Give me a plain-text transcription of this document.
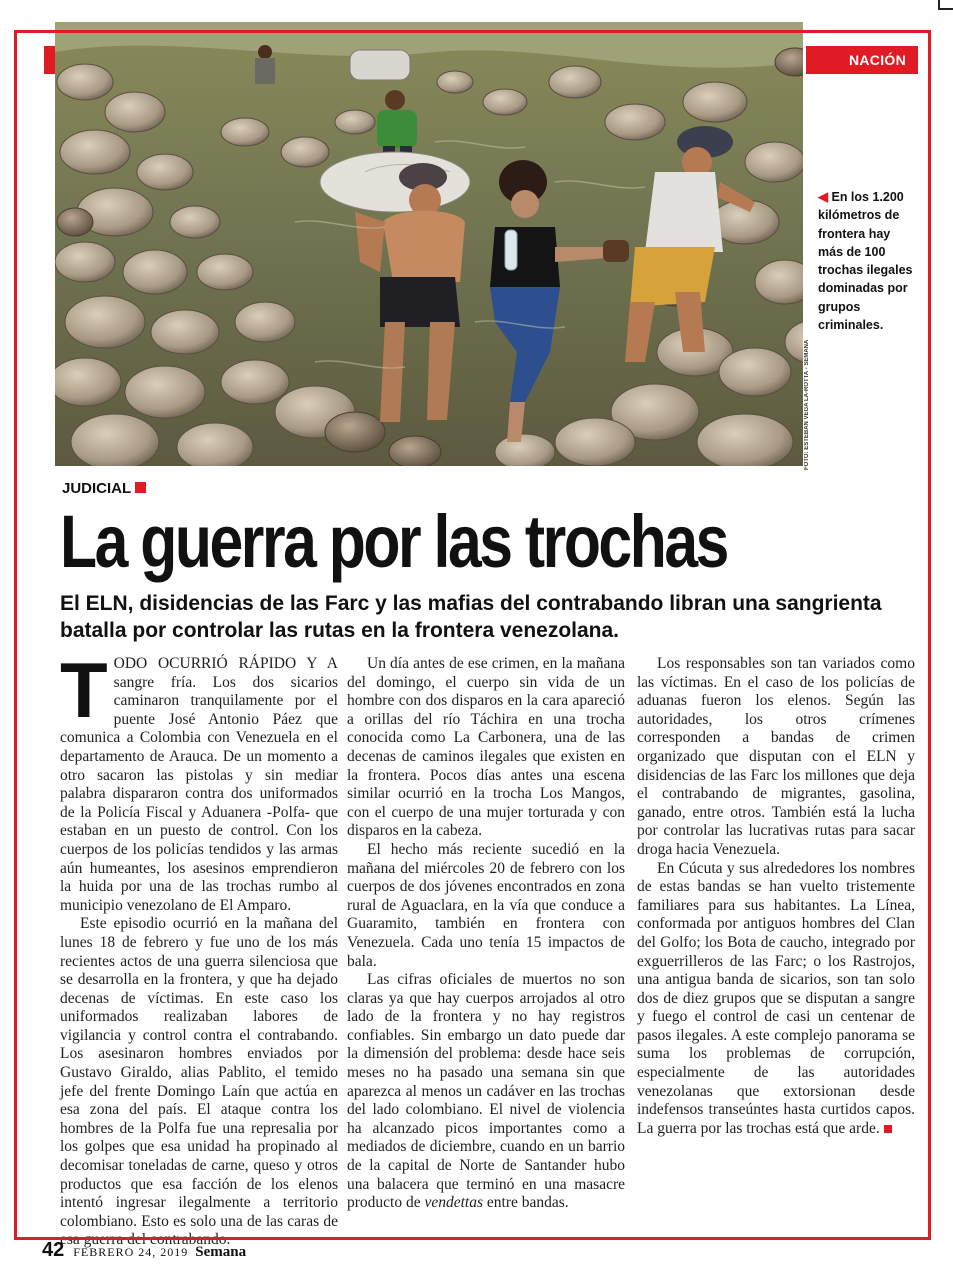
FOTO: ESTEBAN VEGA LA-ROTTA - SEMANA
NACIÓN
◀ En los 1.200 kilómetros de frontera hay más de 100 trochas ilegales dominadas por grupos criminales.
JUDICIAL
La guerra por las trochas
El ELN, disidencias de las Farc y las mafias del contrabando libran una sangrienta batalla por controlar las rutas en la frontera venezolana.

TODO OCURRIÓ RÁPIDO Y A sangre fría. Los dos sicarios caminaron tranquilamente por el puente José Antonio Páez que comunica a Colombia con Venezuela en el departamento de Arauca. De un momento a otro sacaron las pistolas y sin mediar palabra dispararon contra dos uniformados de la Policía Fiscal y Aduanera -Polfa- que estaban en un puesto de control. Con los cuerpos de los policías tendidos y las armas aún humeantes, los asesinos emprendieron la huida por una de las trochas rumbo al municipio venezolano de El Amparo.

Este episodio ocurrió en la mañana del lunes 18 de febrero y fue uno de los más recientes actos de una guerra silenciosa que se desarrolla en la frontera, y que ha dejado decenas de víctimas. En este caso los uniformados realizaban labores de vigilancia y control contra el contrabando. Los asesinaron hombres enviados por Gustavo Giraldo, alias Pablito, el temido jefe del frente Domingo Laín que actúa en esa zona del país. El ataque contra los hombres de la Polfa fue una represalia por los golpes que esa unidad ha propinado al decomisar toneladas de carne, queso y otros productos que esa facción de los elenos intentó ingresar ilegalmente a territorio colombiano. Esto es solo una de las caras de esa guerra del contrabando.

Un día antes de ese crimen, en la mañana del domingo, el cuerpo sin vida de un hombre con dos disparos en la cara apareció a orillas del río Táchira en una trocha conocida como La Carbonera, una de las decenas de caminos ilegales que existen en la frontera. Pocos días antes una escena similar ocurrió en la trocha Los Mangos, con el cuerpo de una mujer torturada y con disparos en la cabeza.

El hecho más reciente sucedió en la mañana del miércoles 20 de febrero con los cuerpos de dos jóvenes encontrados en zona rural de Aguaclara, en la vía que conduce a Guaramito, también en frontera con Venezuela. Cada uno tenía 15 impactos de bala.

Las cifras oficiales de muertos no son claras ya que hay cuerpos arrojados al otro lado de la frontera y no hay registros confiables. Sin embargo un dato puede dar la dimensión del problema: desde hace seis meses no ha pasado una semana sin que aparezca al menos un cadáver en las trochas del lado colombiano. El nivel de violencia ha alcanzado picos importantes como a mediados de diciembre, cuando en un barrio de la capital de Norte de Santander hubo una balacera que terminó en una masacre producto de vendettas entre bandas.

Los responsables son tan variados como las víctimas. En el caso de los policías de aduanas fueron los elenos. Según las autoridades, los otros crímenes corresponden a bandas de crimen organizado que disputan con el ELN y disidencias de las Farc los millones que deja el contrabando de migrantes, gasolina, ganado, entre otros. También está la lucha por controlar las lucrativas rutas para sacar droga hacia Venezuela.

En Cúcuta y sus alrededores los nombres de estas bandas se han vuelto tristemente familiares para sus habitantes. La Línea, conformada por antiguos hombres del Clan del Golfo; los Bota de caucho, integrado por exguerrilleros de las Farc; o los Rastrojos, una antigua banda de sicarios, son tan solo dos de diez grupos que se disputan a sangre y fuego el control de casi un centenar de pasos ilegales. A este complejo panorama se suma los problemas de corrupción, especialmente de las autoridades venezolanas que extorsionan desde indefensos transeúntes hasta curtidos capos. La guerra por las trochas está que arde.

42 FEBRERO 24, 2019 Semana
